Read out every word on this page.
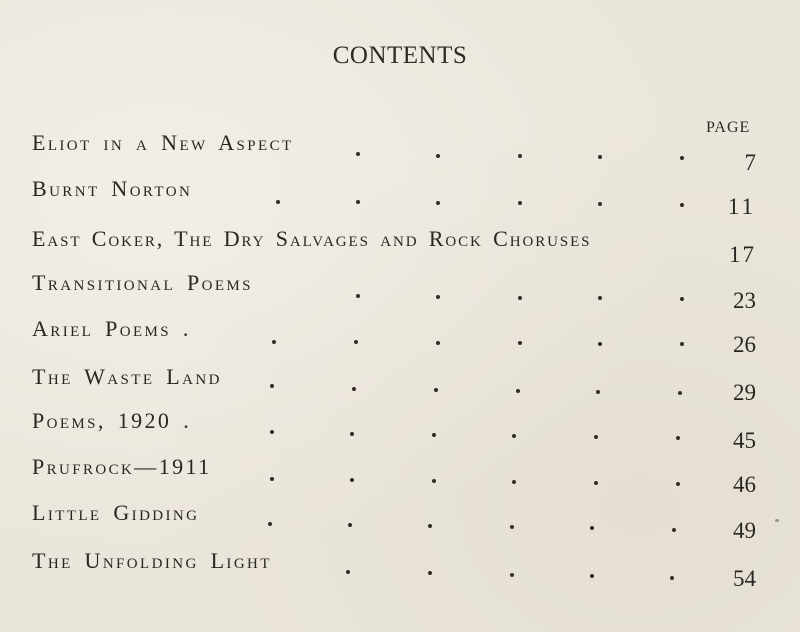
CONTENTS
PAGE
Eliot in a New Aspect
7
Burnt Norton
11
East Coker, The Dry Salvages and Rock Choruses
17
Transitional Poems
23
Ariel Poems .
26
The Waste Land
29
Poems, 1920 .
45
Prufrock—1911
46
Little Gidding
49
The Unfolding Light
54
